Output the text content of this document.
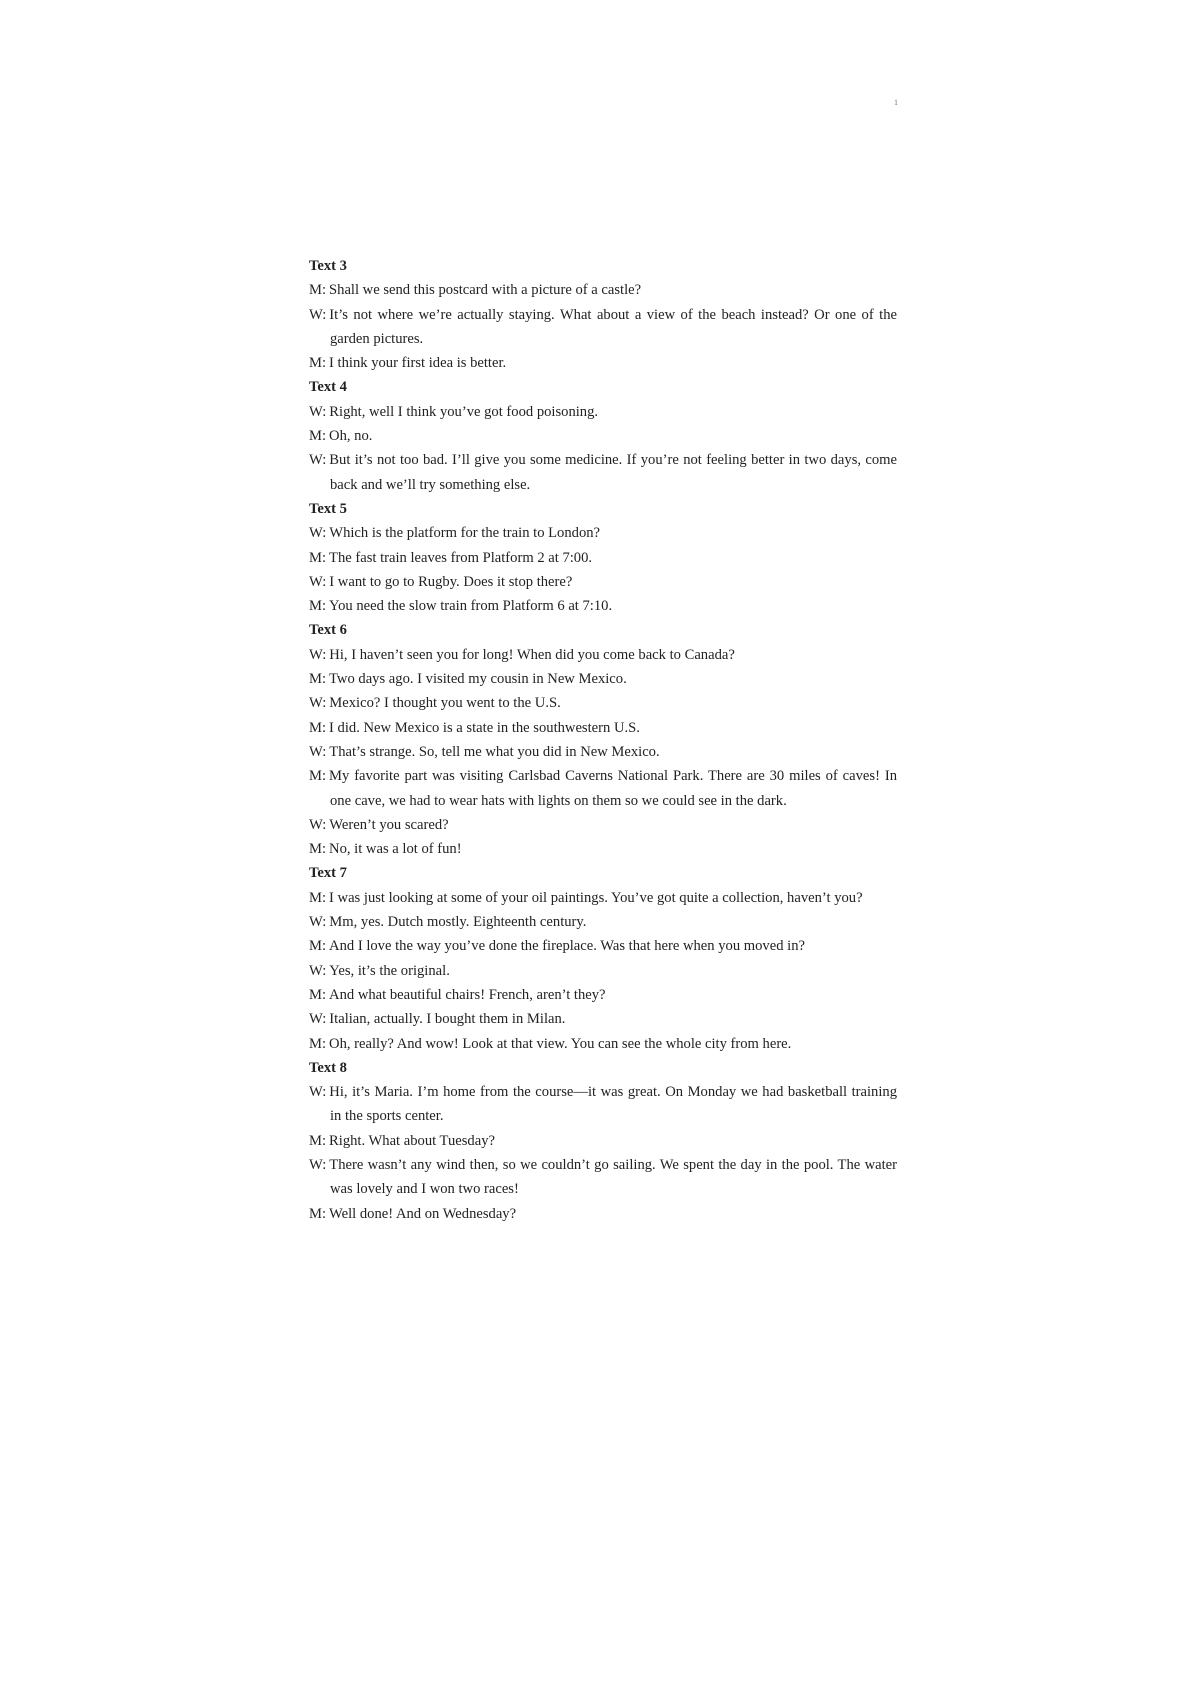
1

Text 3

M: Shall we send this postcard with a picture of a castle?

W: It’s not where we’re actually staying. What about a view of the beach instead? Or one of the garden pictures.

M: I think your first idea is better.

Text 4

W: Right, well I think you’ve got food poisoning.

M: Oh, no.

W: But it’s not too bad. I’ll give you some medicine. If you’re not feeling better in two days, come back and we’ll try something else.

Text 5

W: Which is the platform for the train to London?

M: The fast train leaves from Platform 2 at 7:00.

W: I want to go to Rugby. Does it stop there?

M: You need the slow train from Platform 6 at 7:10.

Text 6

W: Hi, I haven’t seen you for long! When did you come back to Canada?

M: Two days ago. I visited my cousin in New Mexico.

W: Mexico? I thought you went to the U.S.

M: I did. New Mexico is a state in the southwestern U.S.

W: That’s strange. So, tell me what you did in New Mexico.

M: My favorite part was visiting Carlsbad Caverns National Park. There are 30 miles of caves! In one cave, we had to wear hats with lights on them so we could see in the dark.

W: Weren’t you scared?

M: No, it was a lot of fun!

Text 7

M: I was just looking at some of your oil paintings. You’ve got quite a collection, haven’t you?

W: Mm, yes. Dutch mostly. Eighteenth century.

M: And I love the way you’ve done the fireplace. Was that here when you moved in?

W: Yes, it’s the original.

M: And what beautiful chairs! French, aren’t they?

W: Italian, actually. I bought them in Milan.

M: Oh, really? And wow! Look at that view. You can see the whole city from here.

Text 8

W: Hi, it’s Maria. I’m home from the course—it was great. On Monday we had basketball training in the sports center.

M: Right. What about Tuesday?

W: There wasn’t any wind then, so we couldn’t go sailing. We spent the day in the pool. The water was lovely and I won two races!

M: Well done! And on Wednesday?
